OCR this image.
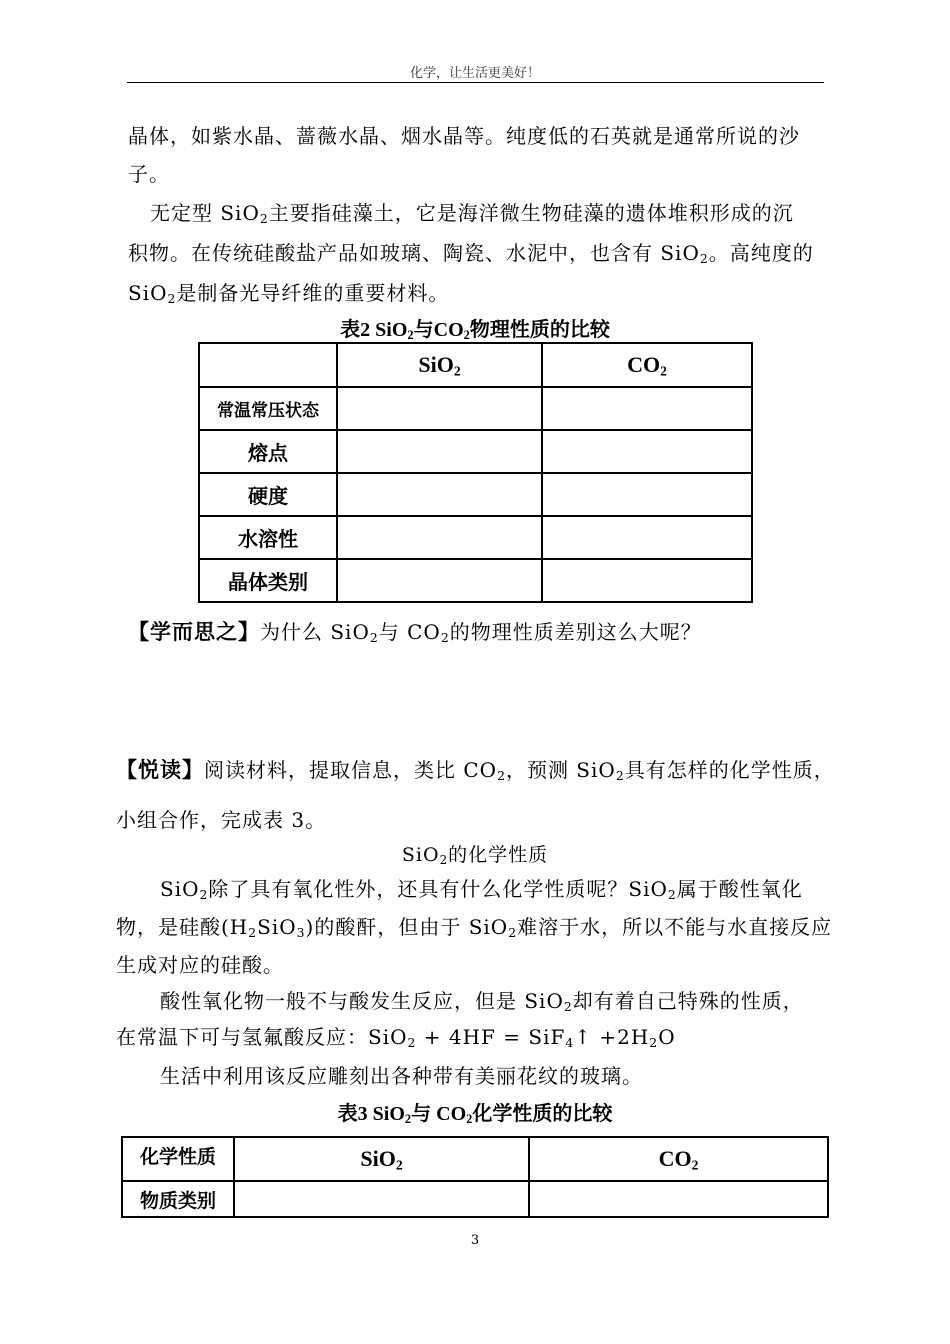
化学，让生活更美好！
晶体，如紫水晶、蔷薇水晶、烟水晶等。纯度低的石英就是通常所说的沙
子。
无定型 SiO$_2$主要指硅藻土，它是海洋微生物硅藻的遗体堆积形成的沉
积物。在传统硅酸盐产品如玻璃、陶瓷、水泥中，也含有 SiO$_2$。高纯度的
SiO$_2$是制备光导纤维的重要材料。
表2 SiO$_2$与$CO_2$物理性质的比较
	SiO$_2$	$CO_2$
常温常压状态		
熔点		
硬度		
水溶性		
晶体类别		
【学而思之】为什么 SiO$_2$与 $CO_2$的物理性质差别这么大呢？
【悦读】阅读材料，提取信息，类比 $CO_2$，预测 SiO$_2$具有怎样的化学性质，
小组合作，完成表 3。
SiO$_2$的化学性质
SiO$_2$除了具有氧化性外，还具有什么化学性质呢？SiO$_2$属于酸性氧化
物，是硅酸$(H_2SiO_3)$的酸酐，但由于 SiO$_2$难溶于水，所以不能与水直接反应
生成对应的硅酸。
酸性氧化物一般不与酸发生反应，但是 SiO$_2$却有着自己特殊的性质，
在常温下可与氢氟酸反应：SiO$_2$ + 4HF = SiF$_4$↑ $+2H_2O$
生活中利用该反应雕刻出各种带有美丽花纹的玻璃。
表3 SiO$_2$与 $CO_2$化学性质的比较
化学性质	SiO$_2$	$CO_2$
物质类别		
3
